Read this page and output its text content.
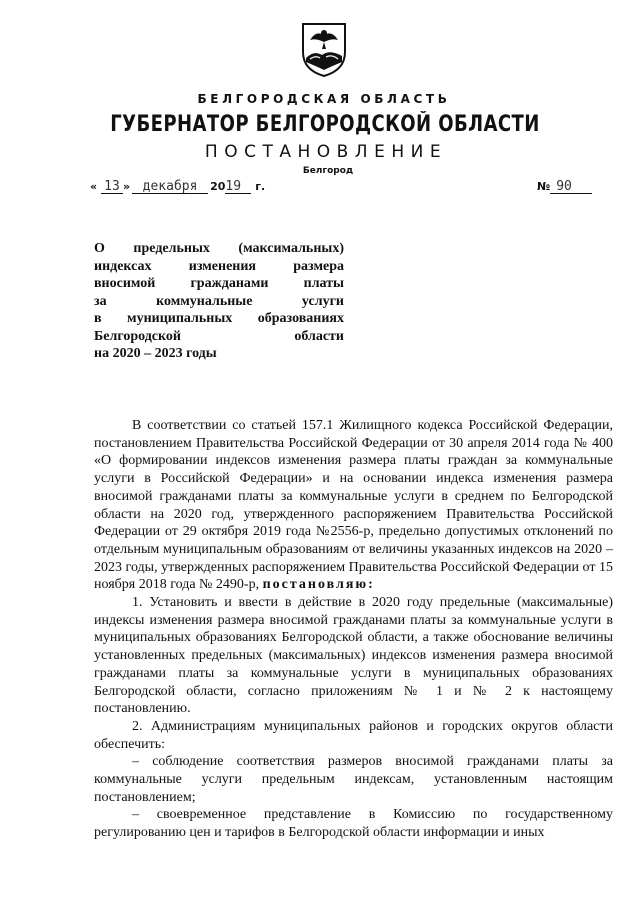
БЕЛГОРОДСКАЯ ОБЛАСТЬ
ГУБЕРНАТОР БЕЛГОРОДСКОЙ ОБЛАСТИ
ПОСТАНОВЛЕНИЕ
Белгород
« 13 » декабря 2019 г.	№ 90
О предельных (максимальных)
индексах изменения размера
вносимой гражданами платы
за коммунальные услуги
в муниципальных образованиях
Белгородской области
на 2020 – 2023 годы

В соответствии со статьей 157.1 Жилищного кодекса Российской Федерации, постановлением Правительства Российской Федерации от 30 апреля 2014 года № 400 «О формировании индексов изменения размера платы граждан за коммунальные услуги в Российской Федерации» и на основании индекса изменения размера вносимой гражданами платы за коммунальные услуги в среднем по Белгородской области на 2020 год, утвержденного распоряжением Правительства Российской Федерации от 29 октября 2019 года №2556-р, предельно допустимых отклонений по отдельным муниципальным образованиям от величины указанных индексов на 2020 – 2023 годы, утвержденных распоряжением Правительства Российской Федерации от 15 ноября 2018 года № 2490-р, постановляю:

1. Установить и ввести в действие в 2020 году предельные (максимальные) индексы изменения размера вносимой гражданами платы за коммунальные услуги в муниципальных образованиях Белгородской области, а также обоснование величины установленных предельных (максимальных) индексов изменения размера вносимой гражданами платы за коммунальные услуги в муниципальных образованиях Белгородской области, согласно приложениям № 1 и № 2 к настоящему постановлению.

2. Администрациям муниципальных районов и городских округов области обеспечить:

– соблюдение соответствия размеров вносимой гражданами платы за коммунальные услуги предельным индексам, установленным настоящим постановлением;

– своевременное представление в Комиссию по государственному регулированию цен и тарифов в Белгородской области информации и иных
